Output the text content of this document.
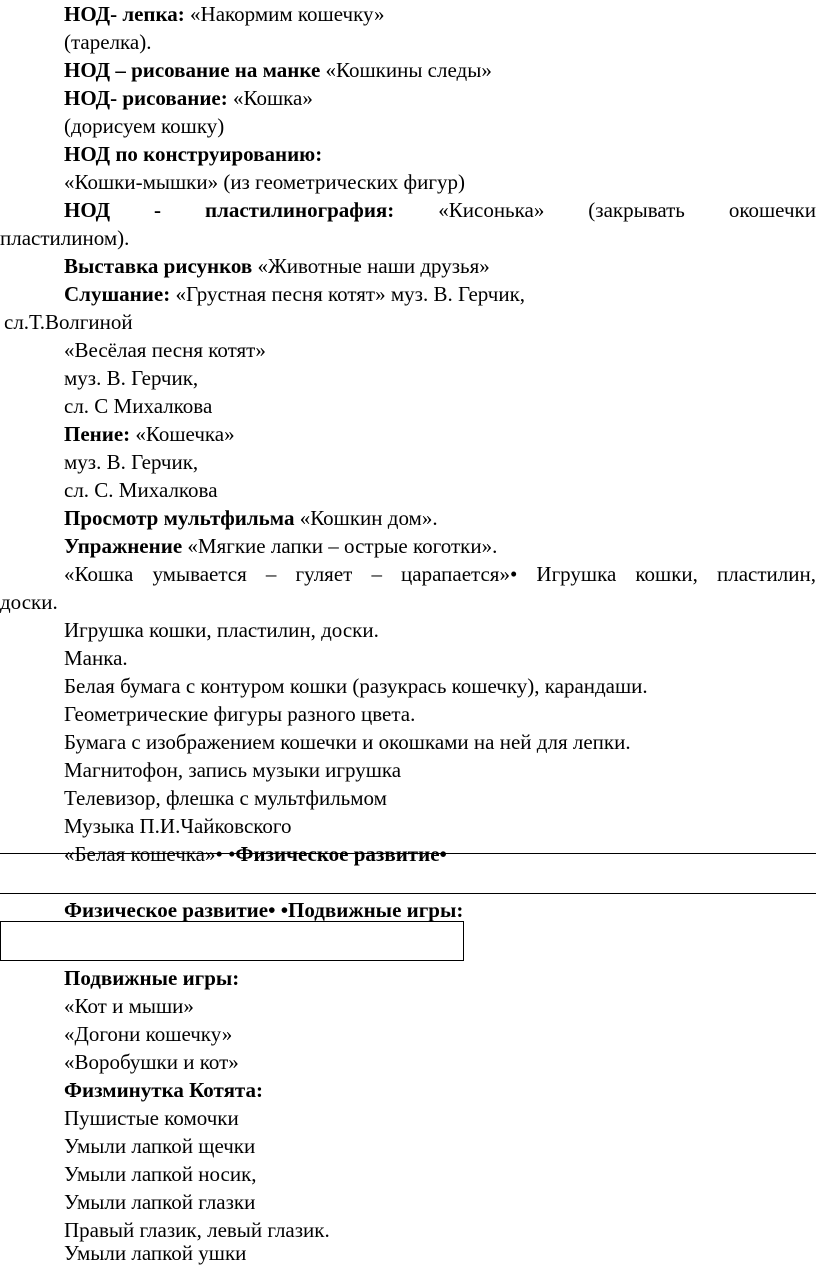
НОД- лепка: «Накормим кошечку»
(тарелка).
НОД – рисование на манке «Кошкины следы»
НОД- рисование: «Кошка»
(дорисуем кошку)
НОД по конструированию:
«Кошки-мышки» (из геометрических фигур)
НОД - пластилинография: «Кисонька» (закрывать окошечки
пластилином).
Выставка рисунков «Животные наши друзья»
Слушание: «Грустная песня котят» муз. В. Герчик,
сл.Т.Волгиной
«Весёлая песня котят»
муз. В. Герчик,
сл. С Михалкова
Пение: «Кошечка»
муз. В. Герчик,
сл. С. Михалкова
Просмотр мультфильма «Кошкин дом».
Упражнение «Мягкие лапки – острые коготки».
«Кошка умывается – гуляет – царапается»• Игрушка кошки, пластилин,
доски.
Игрушка кошки, пластилин, доски.
Манка.
Белая бумага с контуром кошки (разукрась кошечку), карандаши.
Геометрические фигуры разного цвета.
Бумага с изображением кошечки и окошками на ней для лепки.
Магнитофон, запись музыки игрушка
Телевизор, флешка с мультфильмом
Музыка П.И.Чайковского
«Белая кошечка»• •Физическое развитие•
Физическое развитие• •Подвижные игры:
Подвижные игры:
«Кот и мыши»
«Догони кошечку»
«Воробушки и кот»
Физминутка Котята:
Пушистые комочки
Умыли лапкой щечки
Умыли лапкой носик,
Умыли лапкой глазки
Правый глазик, левый глазик.
Умыли лапкой ушки
